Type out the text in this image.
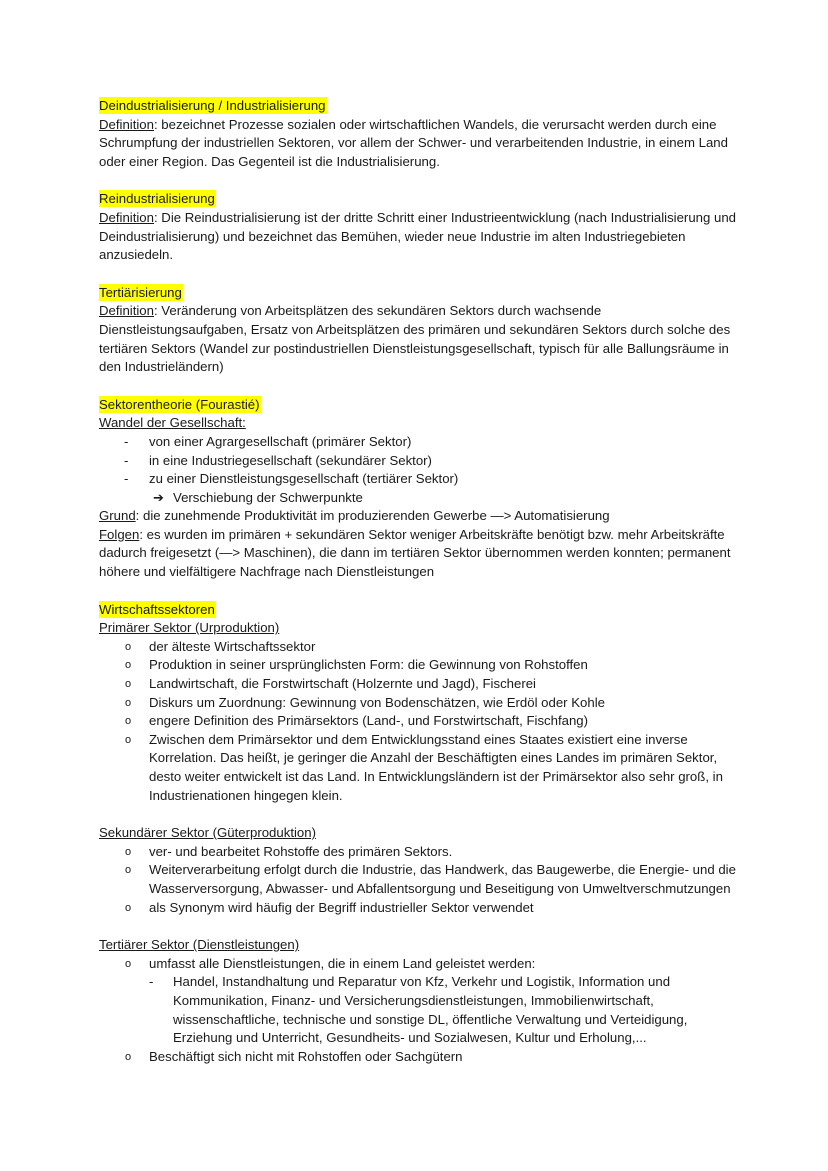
Deindustrialisierung / Industrialisierung

Definition: bezeichnet Prozesse sozialen oder wirtschaftlichen Wandels, die verursacht werden durch eine Schrumpfung der industriellen Sektoren, vor allem der Schwer- und verarbeitenden Industrie, in einem Land oder einer Region. Das Gegenteil ist die Industrialisierung.

Reindustrialisierung

Definition: Die Reindustrialisierung ist der dritte Schritt einer Industrieentwicklung (nach Industrialisierung und Deindustrialisierung) und bezeichnet das Bemühen, wieder neue Industrie im alten Industriegebieten anzusiedeln.

Tertiärisierung

Definition: Veränderung von Arbeitsplätzen des sekundären Sektors durch wachsende Dienstleistungsaufgaben, Ersatz von Arbeitsplätzen des primären und sekundären Sektors durch solche des tertiären Sektors (Wandel zur postindustriellen Dienstleistungsgesellschaft, typisch für alle Ballungsräume in den Industrieländern)

Sektorentheorie (Fourastié)
Wandel der Gesellschaft:
- von einer Agrargesellschaft (primärer Sektor)
- in eine Industriegesellschaft (sekundärer Sektor)
- zu einer Dienstleistungsgesellschaft (tertiärer Sektor)
➔ Verschiebung der Schwerpunkte

Grund: die zunehmende Produktivität im produzierenden Gewerbe —> Automatisierung

Folgen: es wurden im primären + sekundären Sektor weniger Arbeitskräfte benötigt bzw. mehr Arbeitskräfte dadurch freigesetzt (—> Maschinen), die dann im tertiären Sektor übernommen werden konnten; permanent höhere und vielfältigere Nachfrage nach Dienstleistungen

Wirtschaftssektoren
Primärer Sektor (Urproduktion)
o der älteste Wirtschaftssektor
o Produktion in seiner ursprünglichsten Form: die Gewinnung von Rohstoffen
o Landwirtschaft, die Forstwirtschaft (Holzernte und Jagd), Fischerei
o Diskurs um Zuordnung: Gewinnung von Bodenschätzen, wie Erdöl oder Kohle
o engere Definition des Primärsektors (Land-, und Forstwirtschaft, Fischfang)
o Zwischen dem Primärsektor und dem Entwicklungsstand eines Staates existiert eine inverse Korrelation. Das heißt, je geringer die Anzahl der Beschäftigten eines Landes im primären Sektor, desto weiter entwickelt ist das Land. In Entwicklungsländern ist der Primärsektor also sehr groß, in Industrienationen hingegen klein.
Sekundärer Sektor (Güterproduktion)
o ver- und bearbeitet Rohstoffe des primären Sektors.
o Weiterverarbeitung erfolgt durch die Industrie, das Handwerk, das Baugewerbe, die Energie- und die Wasserversorgung, Abwasser- und Abfallentsorgung und Beseitigung von Umweltverschmutzungen
o als Synonym wird häufig der Begriff industrieller Sektor verwendet
Tertiärer Sektor (Dienstleistungen)
o umfasst alle Dienstleistungen, die in einem Land geleistet werden:
- Handel, Instandhaltung und Reparatur von Kfz, Verkehr und Logistik, Information und Kommunikation, Finanz- und Versicherungsdienstleistungen, Immobilienwirtschaft, wissenschaftliche, technische und sonstige DL, öffentliche Verwaltung und Verteidigung, Erziehung und Unterricht, Gesundheits- und Sozialwesen, Kultur und Erholung,...
o Beschäftigt sich nicht mit Rohstoffen oder Sachgütern
